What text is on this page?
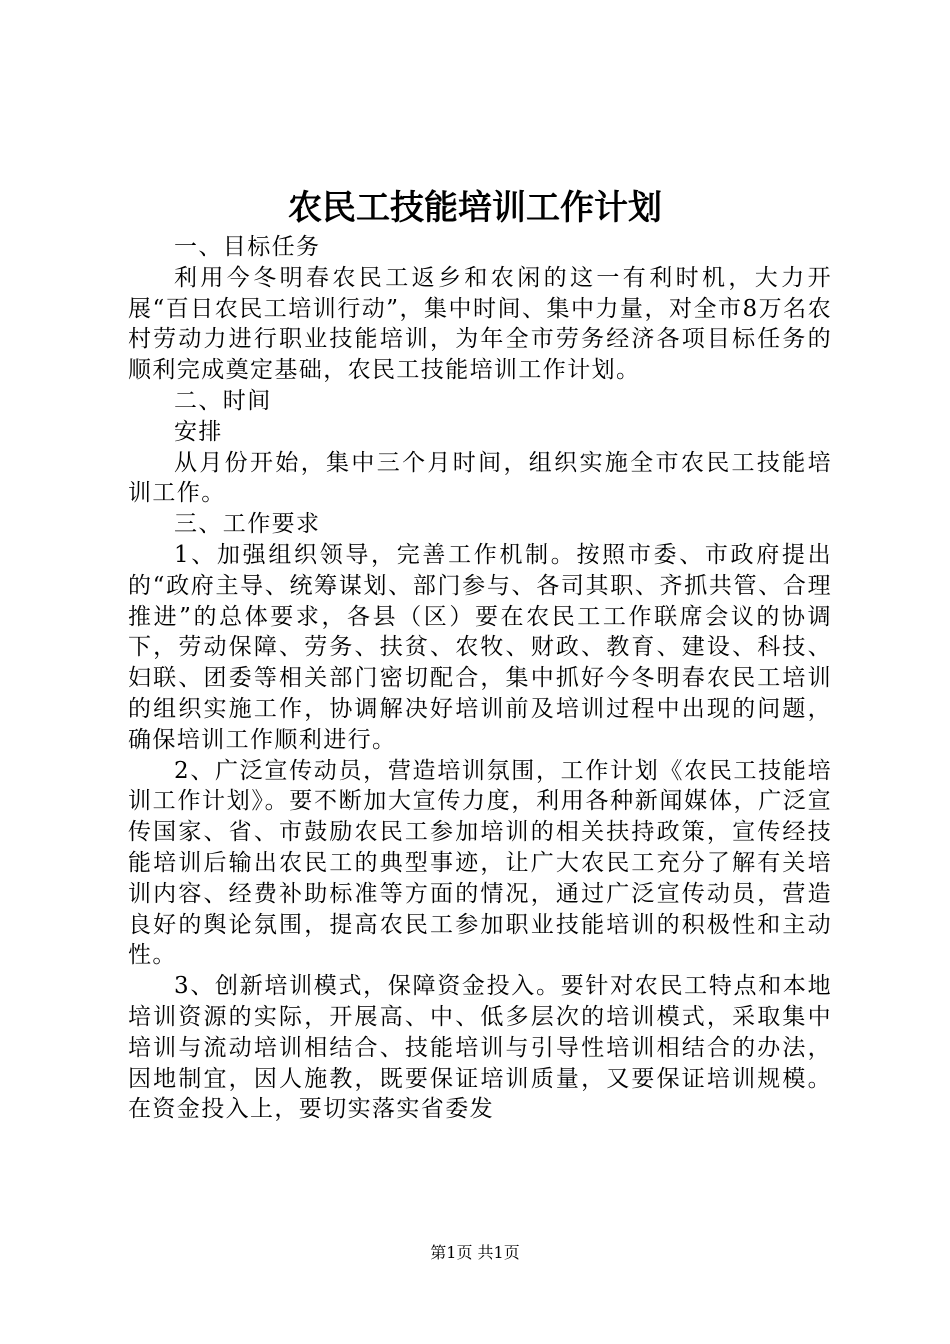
农民工技能培训工作计划

一、目标任务

利用今冬明春农民工返乡和农闲的这一有利时机，大力开展“百日农民工培训行动”，集中时间、集中力量，对全市8万名农村劳动力进行职业技能培训，为年全市劳务经济各项目标任务的顺利完成奠定基础，农民工技能培训工作计划。

二、时间

安排

从月份开始，集中三个月时间，组织实施全市农民工技能培训工作。

三、工作要求

1、加强组织领导，完善工作机制。按照市委、市政府提出的“政府主导、统筹谋划、部门参与、各司其职、齐抓共管、合理推进”的总体要求，各县（区）要在农民工工作联席会议的协调下，劳动保障、劳务、扶贫、农牧、财政、教育、建设、科技、妇联、团委等相关部门密切配合，集中抓好今冬明春农民工培训的组织实施工作，协调解决好培训前及培训过程中出现的问题，确保培训工作顺利进行。

2、广泛宣传动员，营造培训氛围，工作计划《农民工技能培训工作计划》。要不断加大宣传力度，利用各种新闻媒体，广泛宣传国家、省、市鼓励农民工参加培训的相关扶持政策，宣传经技能培训后输出农民工的典型事迹，让广大农民工充分了解有关培训内容、经费补助标准等方面的情况，通过广泛宣传动员，营造良好的舆论氛围，提高农民工参加职业技能培训的积极性和主动性。

3、创新培训模式，保障资金投入。要针对农民工特点和本地培训资源的实际，开展高、中、低多层次的培训模式，采取集中培训与流动培训相结合、技能培训与引导性培训相结合的办法，因地制宜，因人施教，既要保证培训质量，又要保证培训规模。在资金投入上，要切实落实省委发

第1页 共1页
